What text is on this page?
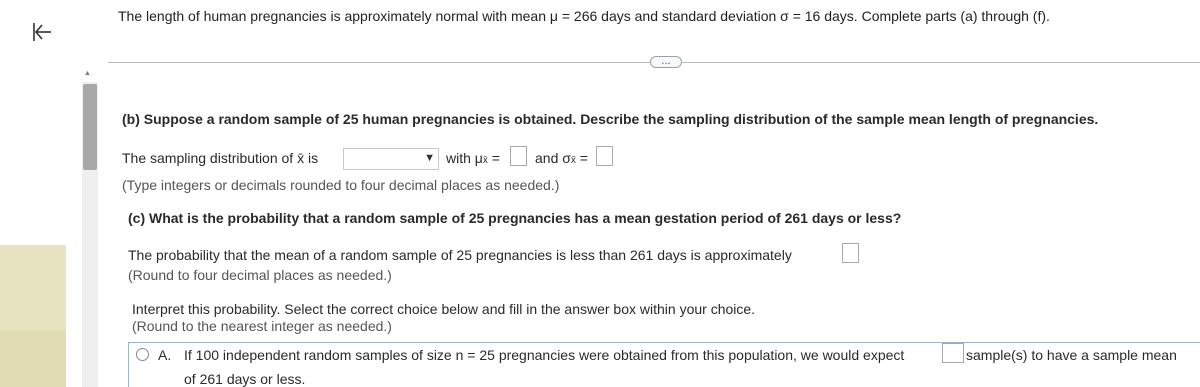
The length of human pregnancies is approximately normal with mean μ = 266 days and standard deviation σ = 16 days. Complete parts (a) through (f).
...
▲
(b) Suppose a random sample of 25 human pregnancies is obtained. Describe the sampling distribution of the sample mean length of pregnancies.
The sampling distribution of x̄ is	▼ with μx̄ =	and σx̄ =
(Type integers or decimals rounded to four decimal places as needed.)
(c) What is the probability that a random sample of 25 pregnancies has a mean gestation period of 261 days or less?
The probability that the mean of a random sample of 25 pregnancies is less than 261 days is approximately
(Round to four decimal places as needed.)
Interpret this probability. Select the correct choice below and fill in the answer box within your choice.
(Round to the nearest integer as needed.)
A. If 100 independent random samples of size n = 25 pregnancies were obtained from this population, we would expect	sample(s) to have a sample mean
of 261 days or less.
